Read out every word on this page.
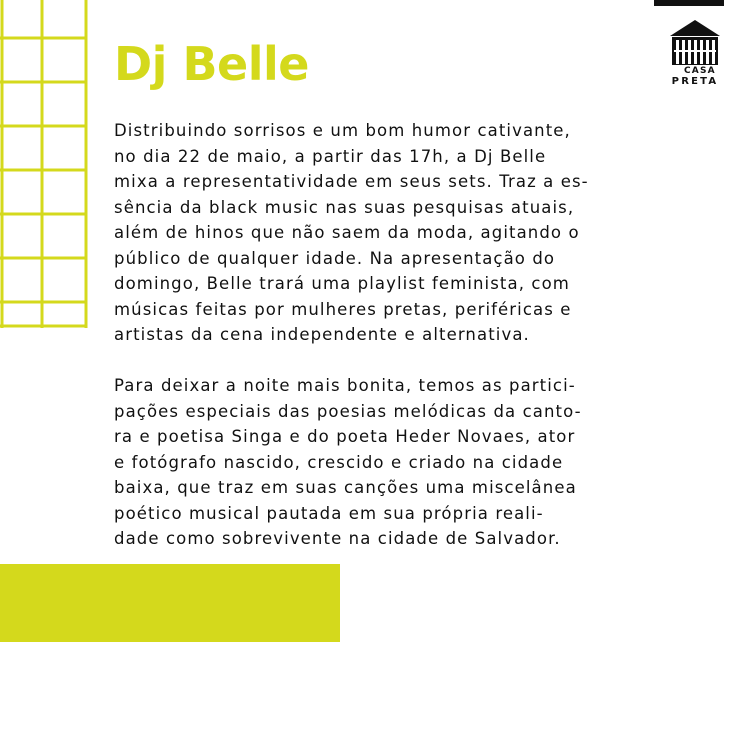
CASA
PRETA
Dj Belle
Distribuindo sorrisos e um bom humor cativante,
no dia 22 de maio, a partir das 17h, a Dj Belle
mixa a representatividade em seus sets. Traz a es-
sência da black music nas suas pesquisas atuais,
além de hinos que não saem da moda, agitando o
público de qualquer idade. Na apresentação do
domingo, Belle trará uma playlist feminista, com
músicas feitas por mulheres pretas, periféricas e
artistas da cena independente e alternativa.
Para deixar a noite mais bonita, temos as partici-
pações especiais das poesias melódicas da canto-
ra e poetisa Singa e do poeta Heder Novaes, ator
e fotógrafo nascido, crescido e criado na cidade
baixa, que traz em suas canções uma miscelânea
poético musical pautada em sua própria reali-
dade como sobrevivente na cidade de Salvador.
